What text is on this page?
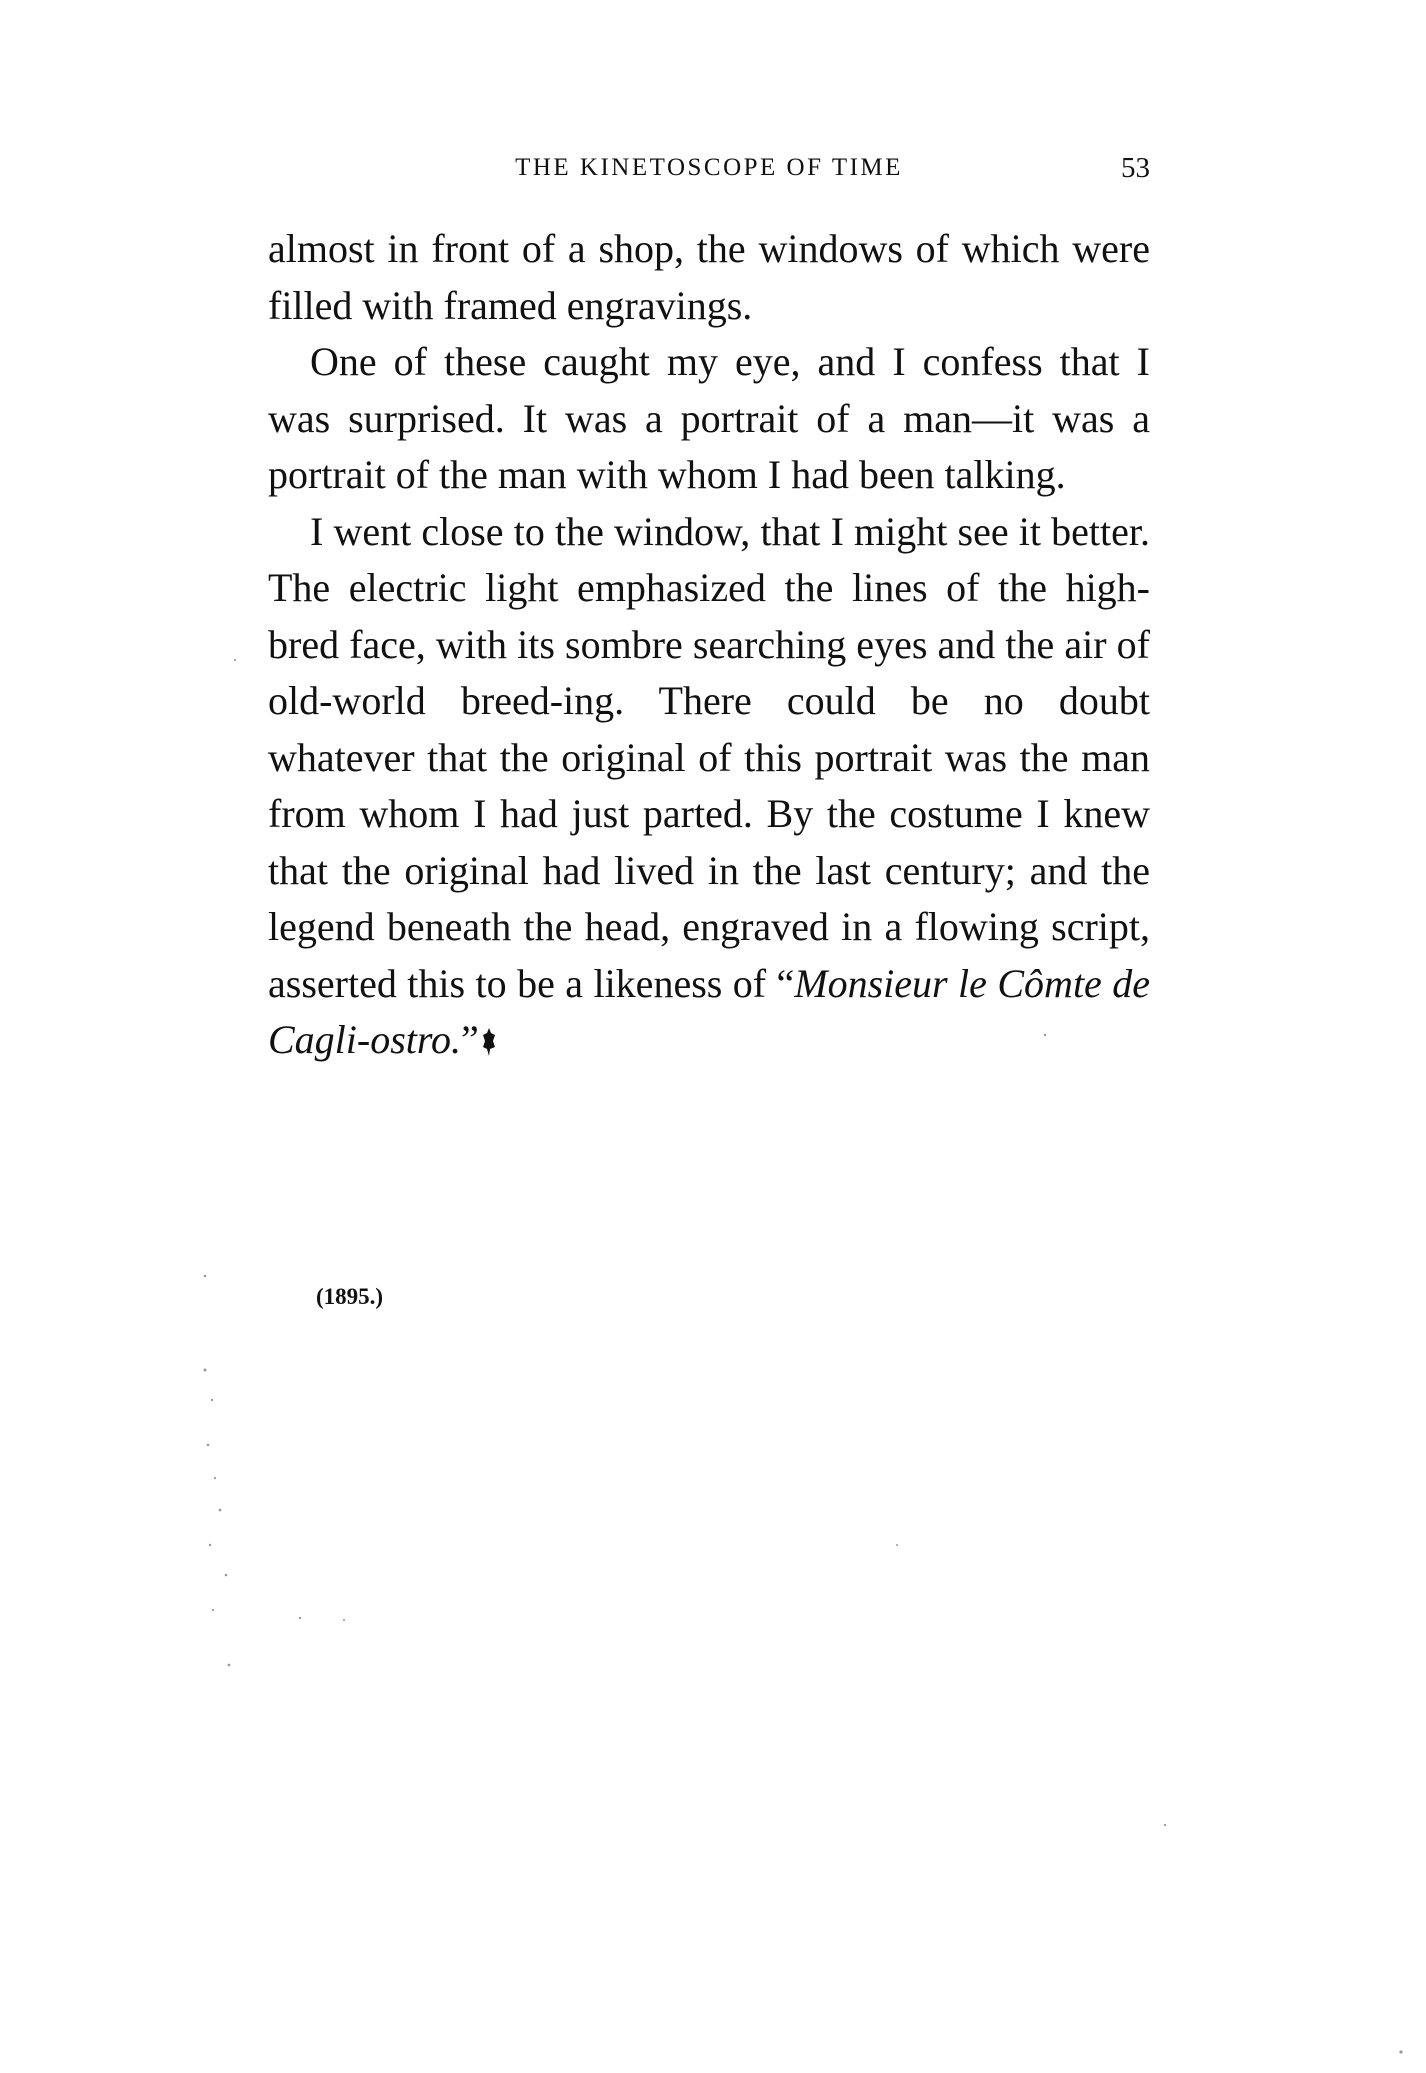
THE KINETOSCOPE OF TIME	53

almost in front of a shop, the windows of which were filled with framed engravings.

One of these caught my eye, and I confess that I was surprised. It was a portrait of a man—it was a portrait of the man with whom I had been talking.

I went close to the window, that I might see it better. The electric light emphasized the lines of the high-bred face, with its sombre searching eyes and the air of old-world breed-ing. There could be no doubt whatever that the original of this portrait was the man from whom I had just parted. By the costume I knew that the original had lived in the last century; and the legend beneath the head, engraved in a flowing script, asserted this to be a likeness of “Monsieur le Cômte de Cagli-ostro.”

(1895.)
